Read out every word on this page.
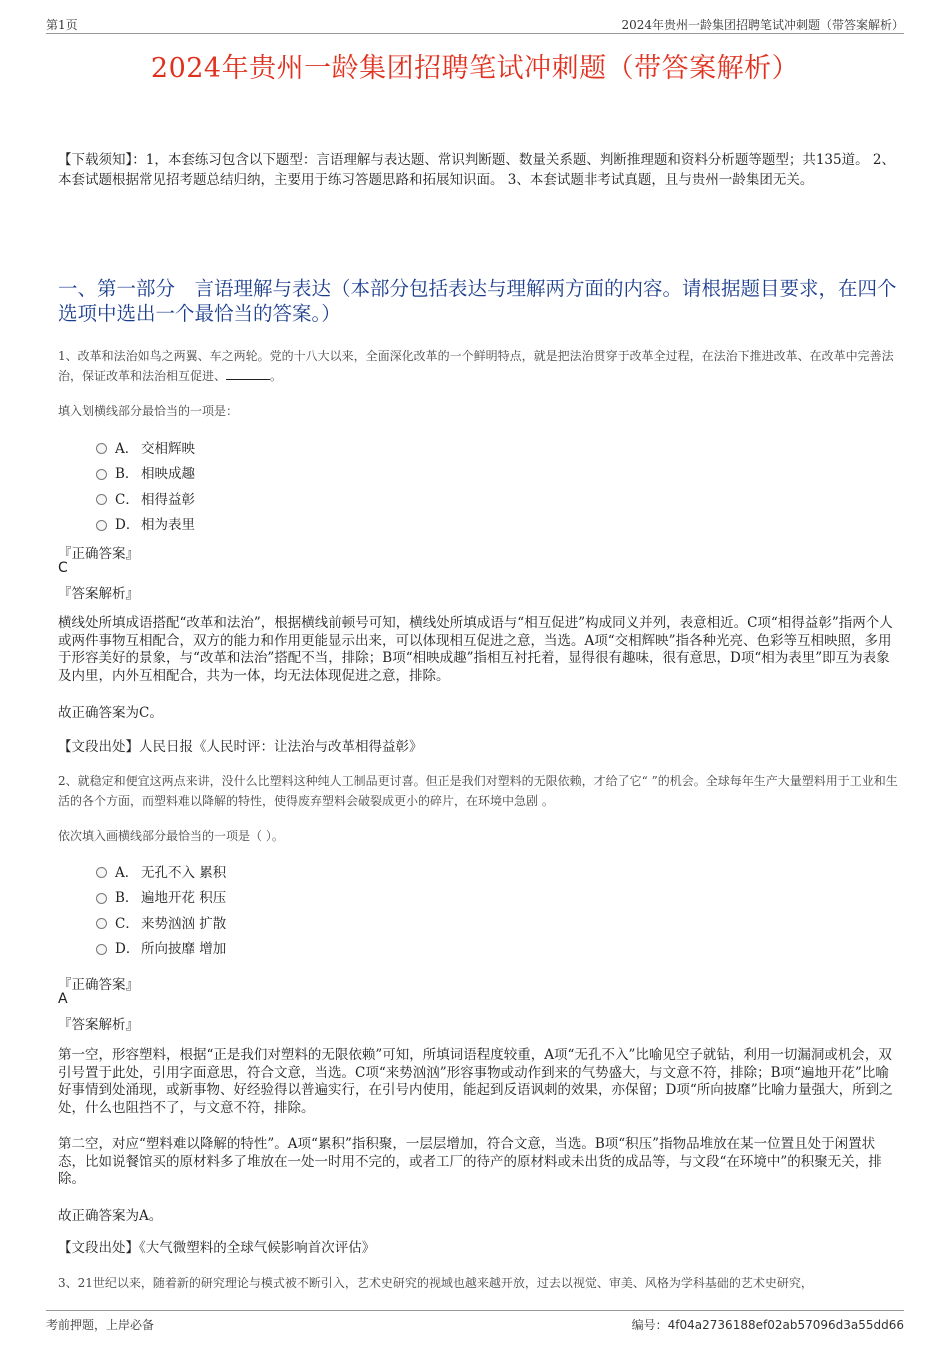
第1页	2024年贵州一龄集团招聘笔试冲刺题（带答案解析）
2024年贵州一龄集团招聘笔试冲刺题（带答案解析）
【下载须知】：1，本套练习包含以下题型：言语理解与表达题、常识判断题、数量关系题、判断推理题和资料分析题等题型；共135道。 2、本套试题根据常见招考题总结归纳，主要用于练习答题思路和拓展知识面。 3、本套试题非考试真题，且与贵州一龄集团无关。
一、第一部分　言语理解与表达（本部分包括表达与理解两方面的内容。请根据题目要求，在四个选项中选出一个最恰当的答案。）
1、改革和法治如鸟之两翼、车之两轮。党的十八大以来，全面深化改革的一个鲜明特点，就是把法治贯穿于改革全过程，在法治下推进改革、在改革中完善法治，保证改革和法治相互促进、	。
填入划横线部分最恰当的一项是：
A． 交相辉映
B． 相映成趣
C． 相得益彰
D． 相为表里
『正确答案』
C
『答案解析』
横线处所填成语搭配“改革和法治”，根据横线前顿号可知，横线处所填成语与“相互促进”构成同义并列，表意相近。C项“相得益彰”指两个人或两件事物互相配合，双方的能力和作用更能显示出来，可以体现相互促进之意，当选。A项“交相辉映”指各种光亮、色彩等互相映照，多用于形容美好的景象，与“改革和法治”搭配不当，排除；B项“相映成趣”指相互衬托着，显得很有趣味，很有意思，D项“相为表里”即互为表象及内里，内外互相配合，共为一体，均无法体现促进之意，排除。
故正确答案为C。
【文段出处】人民日报《人民时评：让法治与改革相得益彰》
2、就稳定和便宜这两点来讲，没什么比塑料这种纯人工制品更讨喜。但正是我们对塑料的无限依赖，才给了它“ ”的机会。全球每年生产大量塑料用于工业和生活的各个方面，而塑料难以降解的特性，使得废弃塑料会破裂成更小的碎片，在环境中急剧 。
依次填入画横线部分最恰当的一项是（ ）。
A． 无孔不入 累积
B． 遍地开花 积压
C． 来势汹汹 扩散
D． 所向披靡 增加
『正确答案』
A
『答案解析』
第一空，形容塑料，根据“正是我们对塑料的无限依赖”可知，所填词语程度较重，A项“无孔不入”比喻见空子就钻，利用一切漏洞或机会，双引号置于此处，引用字面意思，符合文意，当选。C项“来势汹汹”形容事物或动作到来的气势盛大，与文意不符，排除；B项“遍地开花”比喻好事情到处涌现，或新事物、好经验得以普遍实行，在引号内使用，能起到反语讽刺的效果，亦保留；D项“所向披靡”比喻力量强大，所到之处，什么也阻挡不了，与文意不符，排除。
第二空，对应“塑料难以降解的特性”。A项“累积”指积聚，一层层增加，符合文意，当选。B项“积压”指物品堆放在某一位置且处于闲置状态，比如说餐馆买的原材料多了堆放在一处一时用不完的，或者工厂的待产的原材料或未出货的成品等，与文段“在环境中”的积聚无关，排除。
故正确答案为A。
【文段出处】《大气微塑料的全球气候影响首次评估》
3、21世纪以来，随着新的研究理论与模式被不断引入，艺术史研究的视域也越来越开放，过去以视觉、审美、风格为学科基础的艺术史研究，
考前押题，上岸必备	编号：4f04a2736188ef02ab57096d3a55dd66
